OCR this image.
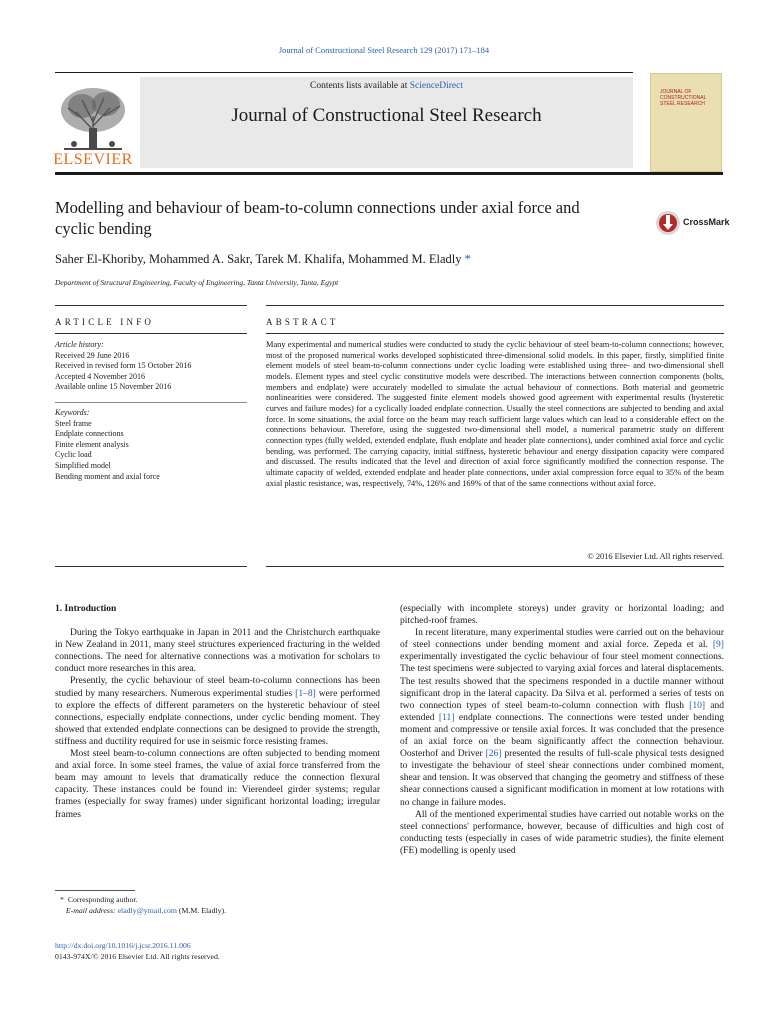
Journal of Constructional Steel Research 129 (2017) 171–184
Contents lists available at ScienceDirect
Journal of Constructional Steel Research
ELSEVIER
JOURNAL OF CONSTRUCTIONAL STEEL RESEARCH
Modelling and behaviour of beam-to-column connections under axial force and cyclic bending	CrossMark
Saher El-Khoriby, Mohammed A. Sakr, Tarek M. Khalifa, Mohammed M. Eladly *
Department of Structural Engineering, Faculty of Engineering, Tanta University, Tanta, Egypt
ARTICLE INFO	ABSTRACT
Article history:
Received 29 June 2016
Received in revised form 15 October 2016
Accepted 4 November 2016
Available online 15 November 2016
Keywords:
Steel frame
Endplate connections
Finite element analysis
Cyclic load
Simplified model
Bending moment and axial force
Many experimental and numerical studies were conducted to study the cyclic behaviour of steel beam-to-column connections; however, most of the proposed numerical works developed sophisticated three-dimensional solid models. In this paper, firstly, simplified finite element models of steel beam-to-column connections under cyclic loading were established using three- and two-dimensional shell models. Element types and steel cyclic constitutive models were described. The interactions between connection components (bolts, members and endplate) were accurately modelled to simulate the actual behaviour of connections. Both material and geometric nonlinearities were considered. The suggested finite element models showed good agreement with experimental results (hysteretic curves and failure modes) for a cyclically loaded endplate connection. Usually the steel connections are subjected to bending and axial force. In some situations, the axial force on the beam may reach sufficient large values which can lead to a considerable effect on the connections behaviour. Therefore, using the suggested two-dimensional shell model, a numerical parametric study on different connection types (fully welded, extended endplate, flush endplate and header plate connections), under combined axial force and cyclic bending, was performed. The carrying capacity, initial stiffness, hysteretic behaviour and energy dissipation capacity were compared and discussed. The results indicated that the level and direction of axial force significantly modified the connection response. The ultimate capacity of welded, extended endplate and header plate connections, under axial compression force equal to 35% of the beam axial plastic resistance, was, respectively, 74%, 126% and 169% of that of the same connections without axial force.
© 2016 Elsevier Ltd. All rights reserved.

1. Introduction

During the Tokyo earthquake in Japan in 2011 and the Christchurch earthquake in New Zealand in 2011, many steel structures experienced fracturing in the welded connections. The need for alternative connections was a motivation for scholars to conduct more researches in this area.

Presently, the cyclic behaviour of steel beam-to-column connections has been studied by many researchers. Numerous experimental studies [1–8] were performed to explore the effects of different parameters on the hysteretic behaviour of steel connections, especially endplate connections, under cyclic bending moment. They showed that extended endplate connections can be designed to provide the strength, stiffness and ductility required for use in seismic force resisting frames.

Most steel beam-to-column connections are often subjected to bending moment and axial force. In some steel frames, the value of axial force transferred from the beam may amount to levels that dramatically reduce the connection flexural capacity. These instances could be found in: Vierendeel girder systems; regular frames (especially for sway frames) under significant horizontal loading; irregular frames

(especially with incomplete storeys) under gravity or horizontal loading; and pitched-roof frames.

In recent literature, many experimental studies were carried out on the behaviour of steel connections under bending moment and axial force. Zepeda et al. [9] experimentally investigated the cyclic behaviour of four steel moment connections. The test specimens were subjected to varying axial forces and lateral displacements. The test results showed that the specimens responded in a ductile manner without significant drop in the lateral capacity. Da Silva et al. performed a series of tests on two connection types of steel beam-to-column connection with flush [10] and extended [11] endplate connections. The connections were tested under bending moment and compressive or tensile axial forces. It was concluded that the presence of an axial force on the beam significantly affect the connection behaviour. Oosterhof and Driver [26] presented the results of full-scale physical tests designed to investigate the behaviour of steel shear connections under combined moment, shear and tension. It was observed that changing the geometry and stiffness of these shear connections caused a significant modification in moment at low rotations with no change in failure modes.

All of the mentioned experimental studies have carried out notable works on the steel connections' performance, however, because of difficulties and high cost of conducting tests (especially in cases of wide parametric studies), the finite element (FE) modelling is openly used

* Corresponding author.
E-mail address: eladly@ymail.com (M.M. Eladly).
http://dx.doi.org/10.1016/j.jcsr.2016.11.006
0143-974X/© 2016 Elsevier Ltd. All rights reserved.
